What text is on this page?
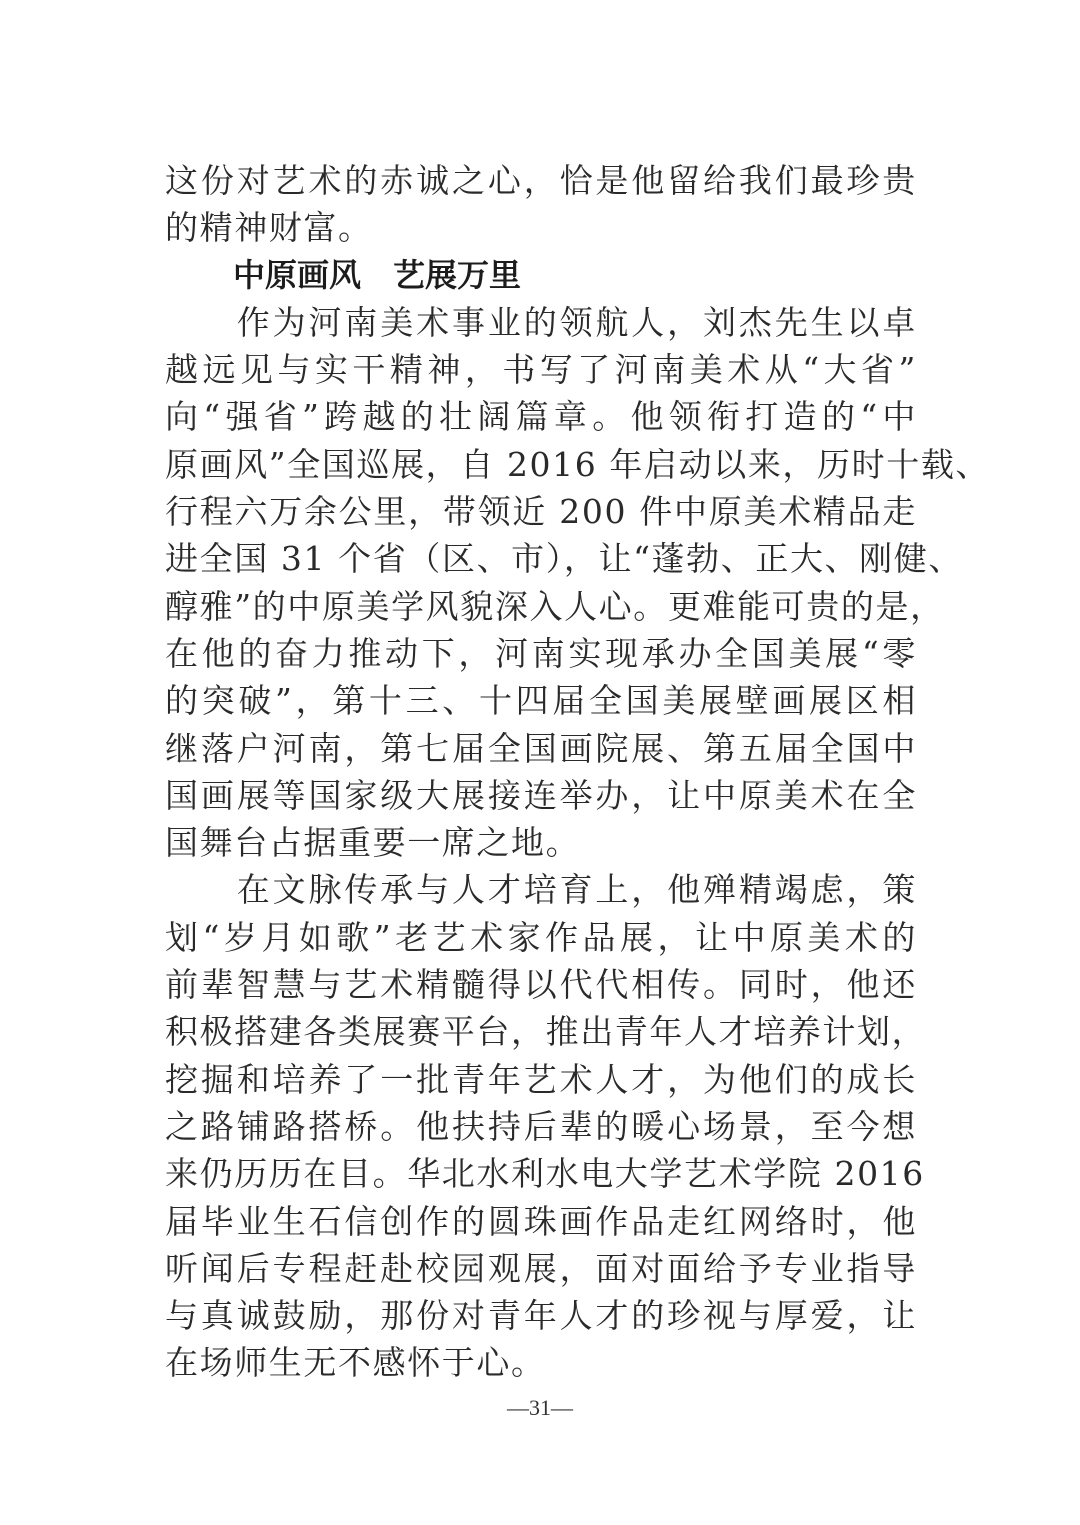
这份对艺术的赤诚之心，恰是他留给我们最珍贵
的精神财富。
中原画风　艺展万里
　　作为河南美术事业的领航人，刘杰先生以卓
越远见与实干精神，书写了河南美术从“大省”
向“强省”跨越的壮阔篇章。他领衔打造的“中
原画风”全国巡展，自 2016 年启动以来，历时十载、
行程六万余公里，带领近 200 件中原美术精品走
进全国 31 个省（区、市），让“蓬勃、正大、刚健、
醇雅”的中原美学风貌深入人心。更难能可贵的是，
在他的奋力推动下，河南实现承办全国美展“零
的突破”，第十三、十四届全国美展壁画展区相
继落户河南，第七届全国画院展、第五届全国中
国画展等国家级大展接连举办，让中原美术在全
国舞台占据重要一席之地。
　　在文脉传承与人才培育上，他殚精竭虑，策
划“岁月如歌”老艺术家作品展，让中原美术的
前辈智慧与艺术精髓得以代代相传。同时，他还
积极搭建各类展赛平台，推出青年人才培养计划，
挖掘和培养了一批青年艺术人才，为他们的成长
之路铺路搭桥。他扶持后辈的暖心场景，至今想
来仍历历在目。华北水利水电大学艺术学院 2016
届毕业生石信创作的圆珠画作品走红网络时，他
听闻后专程赶赴校园观展，面对面给予专业指导
与真诚鼓励，那份对青年人才的珍视与厚爱，让
在场师生无不感怀于心。
—31—
